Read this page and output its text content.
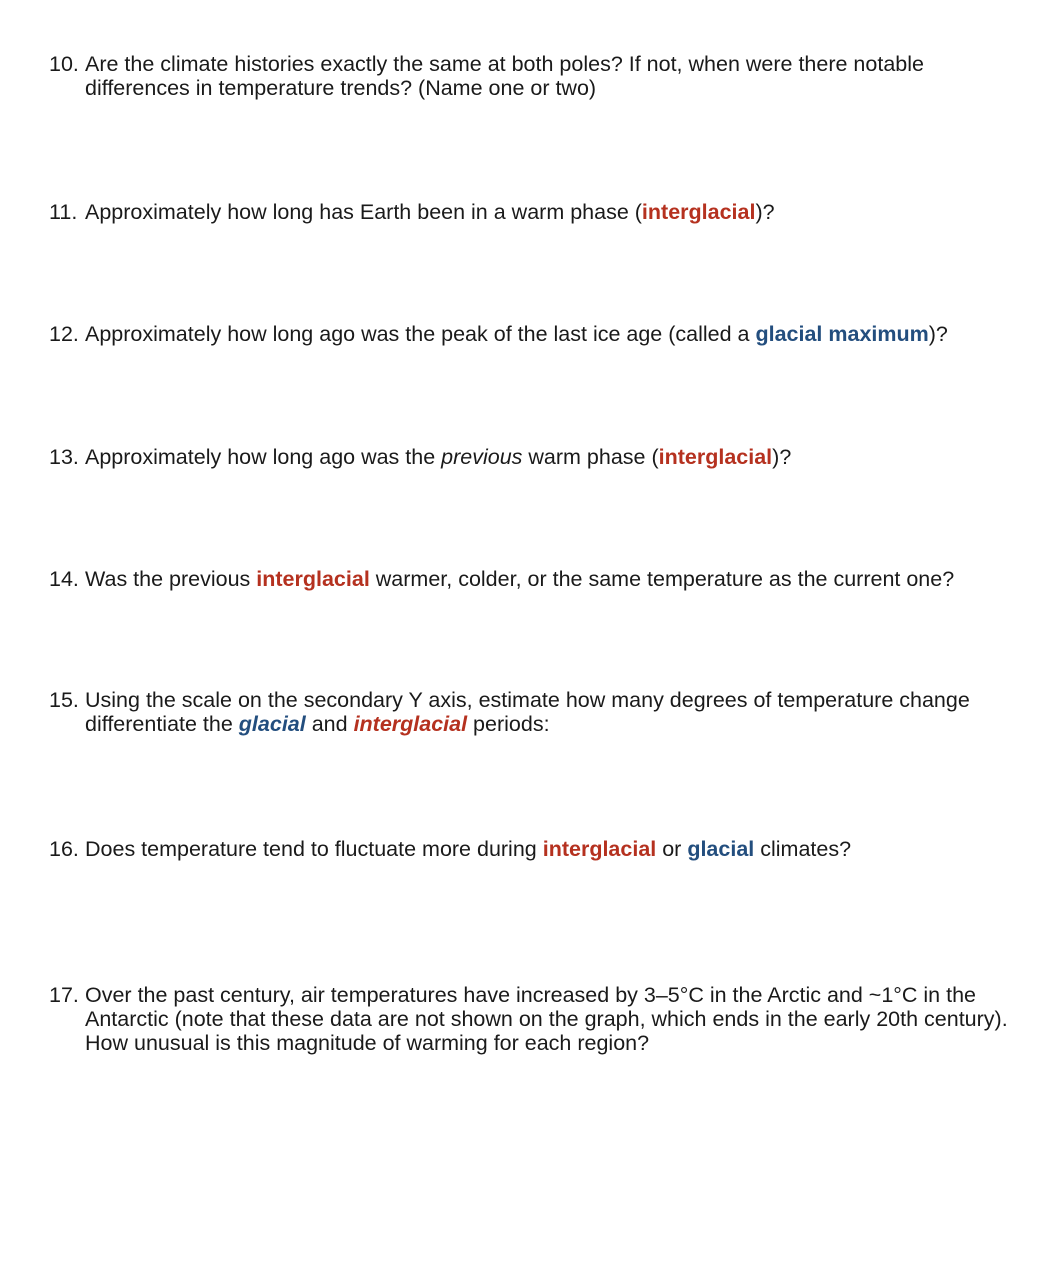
10. Are the climate histories exactly the same at both poles? If not, when were there notable differences in temperature trends? (Name one or two)
11. Approximately how long has Earth been in a warm phase (interglacial)?
12. Approximately how long ago was the peak of the last ice age (called a glacial maximum)?
13. Approximately how long ago was the previous warm phase (interglacial)?
14. Was the previous interglacial warmer, colder, or the same temperature as the current one?
15. Using the scale on the secondary Y axis, estimate how many degrees of temperature change differentiate the glacial and interglacial periods:
16. Does temperature tend to fluctuate more during interglacial or glacial climates?
17. Over the past century, air temperatures have increased by 3–5°C in the Arctic and ~1°C in the Antarctic (note that these data are not shown on the graph, which ends in the early 20th century). How unusual is this magnitude of warming for each region?
